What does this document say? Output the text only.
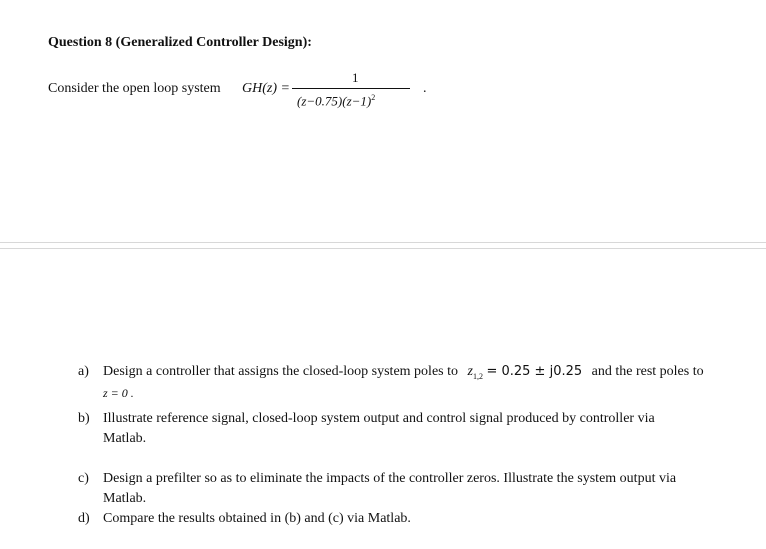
Question 8 (Generalized Controller Design):
Consider the open loop system GH(z) =
1
$(z-0.75)(z-1)^2$
.
a) Design a controller that assigns the closed-loop system poles to $z_{1,2} = 0.25 \pm j0.25$ and the rest poles to
z = 0 .
b) Illustrate reference signal, closed-loop system output and control signal produced by controller via
Matlab.
c) Design a prefilter so as to eliminate the impacts of the controller zeros. Illustrate the system output via
Matlab.
d) Compare the results obtained in (b) and (c) via Matlab.
